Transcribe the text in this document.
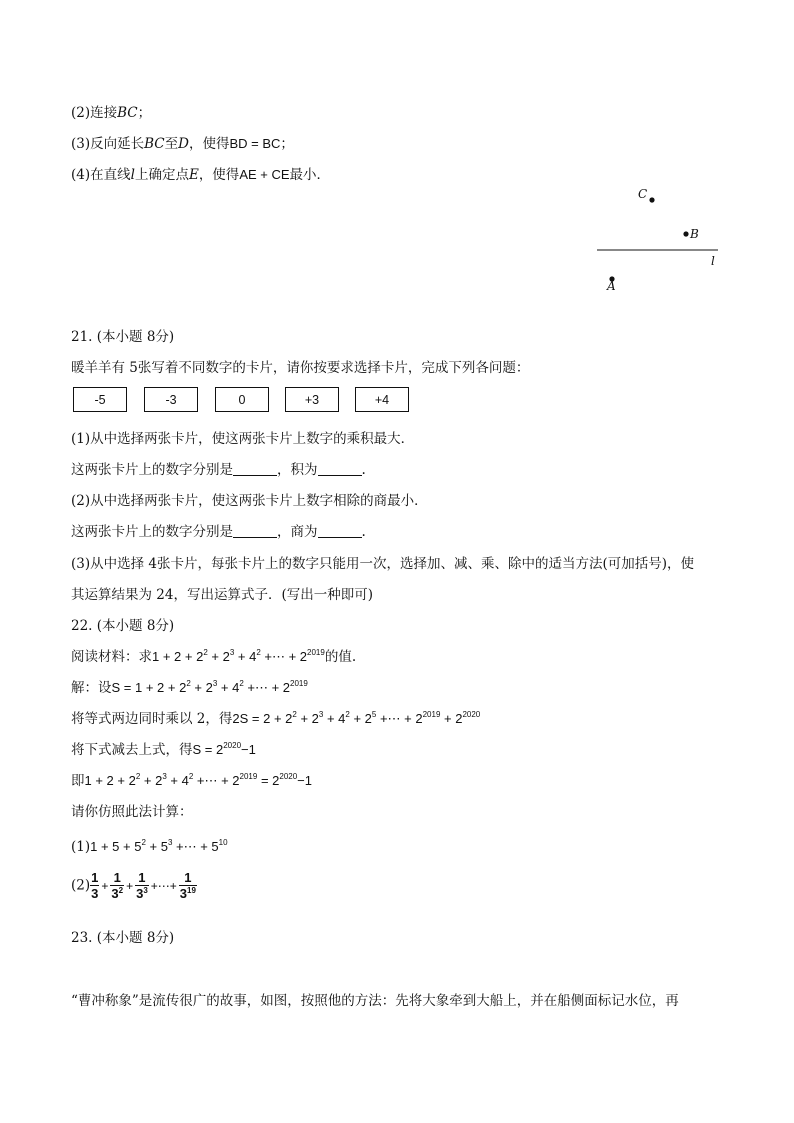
(2)连接BC；
(3)反向延长BC至D，使得BD = BC；
(4)在直线l上确定点E，使得AE + CE最小．
C
B
l
A
21. (本小题 8分)
暖羊羊有 5张写着不同数字的卡片，请你按要求选择卡片，完成下列各问题：
-5	-3	0	+3	+4
(1)从中选择两张卡片，使这两张卡片上数字的乘积最大．
这两张卡片上的数字分别是	，积为	.
(2)从中选择两张卡片，使这两张卡片上数字相除的商最小．
这两张卡片上的数字分别是	，商为	.
(3)从中选择 4张卡片，每张卡片上的数字只能用一次，选择加、减、乘、除中的适当方法(可加括号)，使
其运算结果为 24，写出运算式子．(写出一种即可)
22. (本小题 8分)
阅读材料：求$1 + 2 + 2^2 + 2^3 + 4^2$ +⋯ + $2^{2019}$的值.
解：设$S = 1 + 2 + 2^2 + 2^3 + 4^2$ +⋯ + $2^{2019}$
将等式两边同时乘以 2，得$2S = 2 + 2^2 + 2^3 + 4^2 + 2^5$ +⋯ + $2^{2019} + 2^{2020}$
将下式减去上式，得$S = 2^{2020}-1$
即$1 + 2 + 2^2 + 2^3 + 4^2$ +⋯ + $2^{2019} = 2^{2020}-1$
请你仿照此法计算：
$(1)1 + 5 + 5^2 + 5^3$ +⋯ + $5^{10}$
$(2) \frac{1}{3} + \frac{1}{3^2} + \frac{1}{3^3}$ +⋯+ $\frac{1}{3^{19}}$
23. (本小题 8分)
“曹冲称象”是流传很广的故事，如图，按照他的方法：先将大象牵到大船上，并在船侧面标记水位，再
